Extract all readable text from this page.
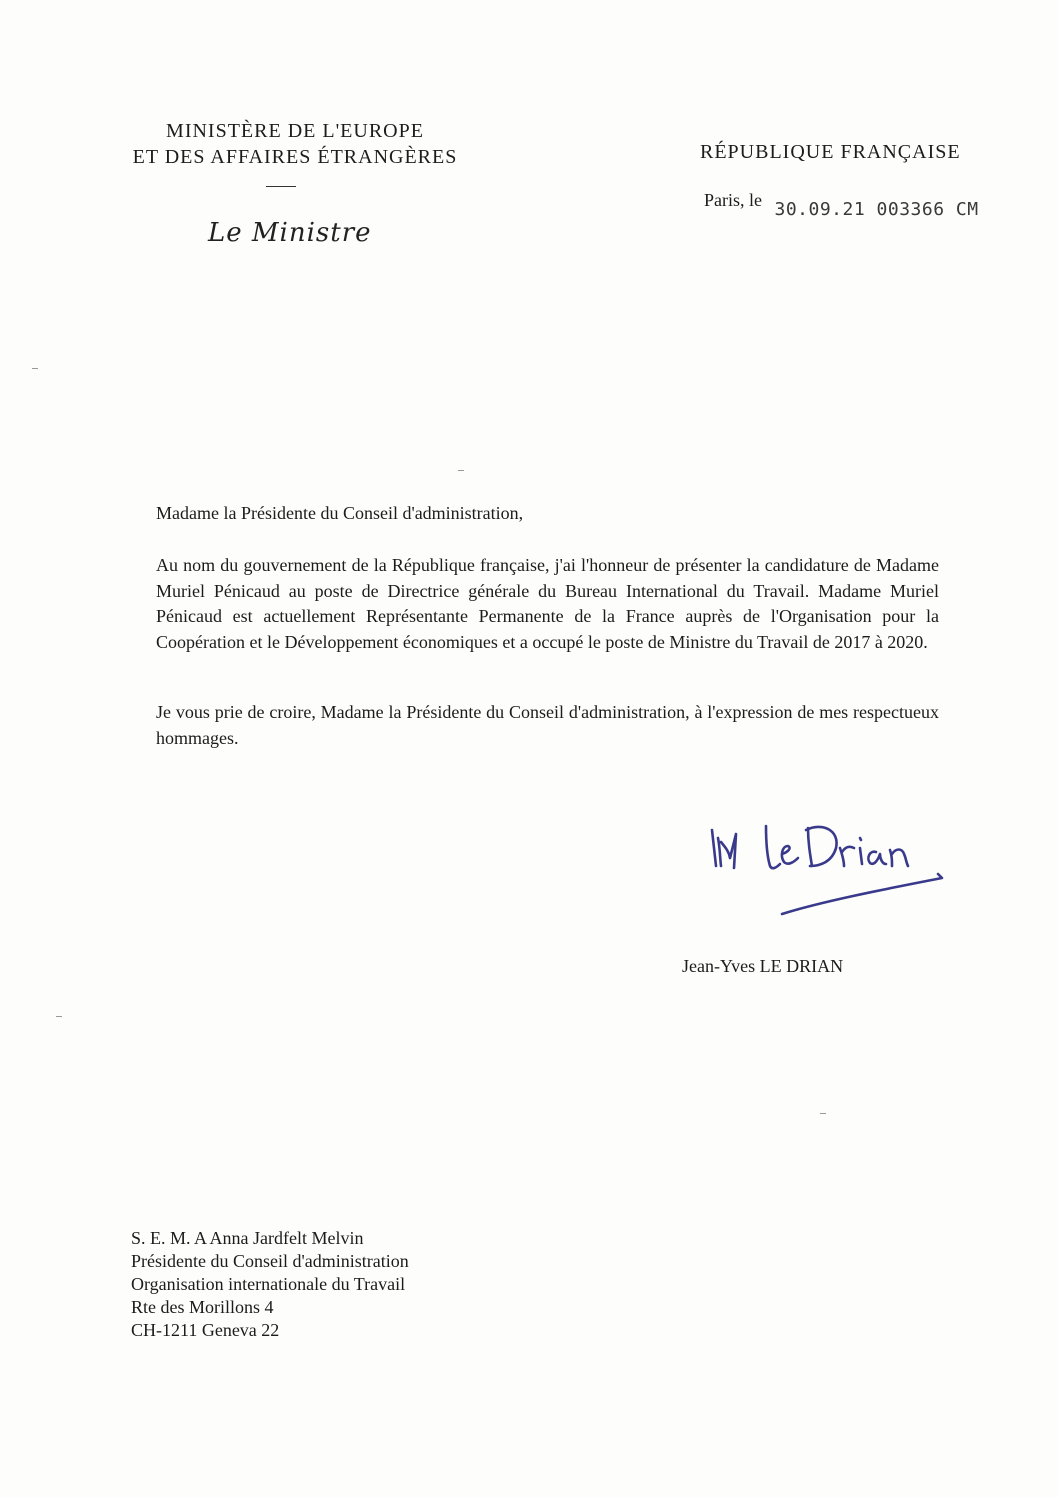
MINISTÈRE DE L'EUROPE
ET DES AFFAIRES ÉTRANGÈRES
Le Ministre
RÉPUBLIQUE FRANÇAISE
Paris, le 30.09.21 003366 CM
Madame la Présidente du Conseil d'administration,
Au nom du gouvernement de la République française, j'ai l'honneur de présenter la candidature de Madame Muriel Pénicaud au poste de Directrice générale du Bureau International du Travail. Madame Muriel Pénicaud est actuellement Représentante Permanente de la France auprès de l'Organisation pour la Coopération et le Développement économiques et a occupé le poste de Ministre du Travail de 2017 à 2020.
Je vous prie de croire, Madame la Présidente du Conseil d'administration, à l'expression de mes respectueux hommages.
Jean-Yves LE DRIAN
S. E. M. A Anna Jardfelt Melvin
Présidente du Conseil d'administration
Organisation internationale du Travail
Rte des Morillons 4
CH-1211 Geneva 22
